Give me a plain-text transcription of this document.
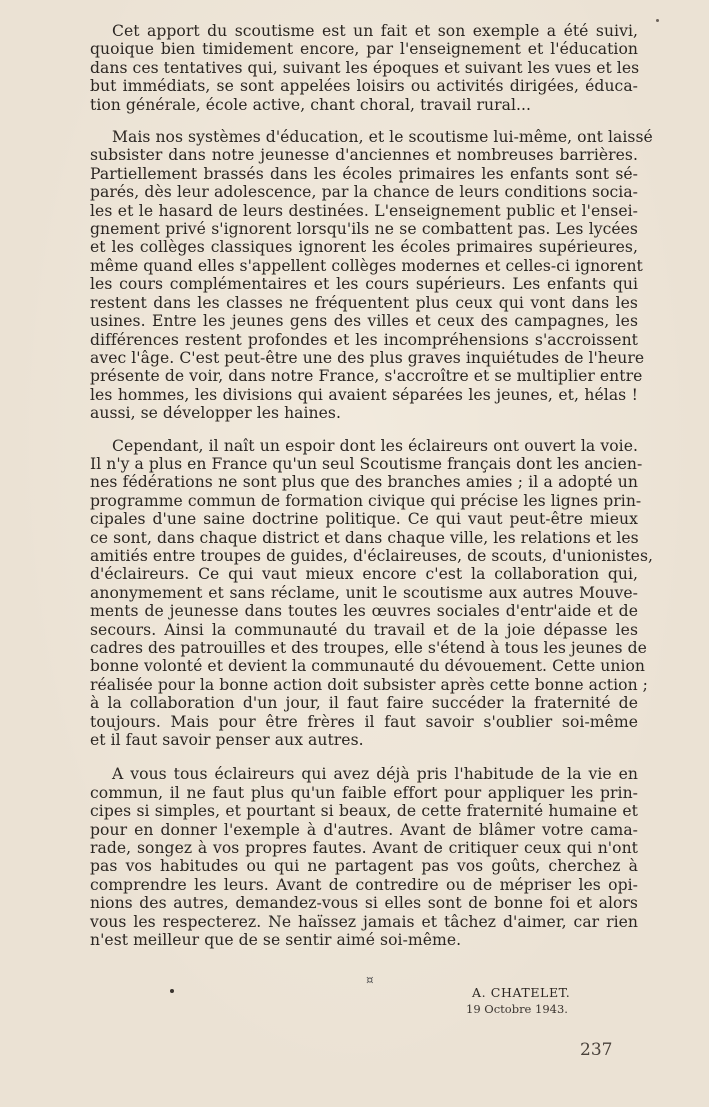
Cet apport du scoutisme est un fait et son exemple a été suivi,
quoique bien timidement encore, par l'enseignement et l'éducation
dans ces tentatives qui, suivant les époques et suivant les vues et les
but immédiats, se sont appelées loisirs ou activités dirigées, éduca-
tion générale, école active, chant choral, travail rural...

Mais nos systèmes d'éducation, et le scoutisme lui-même, ont laissé
subsister dans notre jeunesse d'anciennes et nombreuses barrières.
Partiellement brassés dans les écoles primaires les enfants sont sé-
parés, dès leur adolescence, par la chance de leurs conditions socia-
les et le hasard de leurs destinées. L'enseignement public et l'ensei-
gnement privé s'ignorent lorsqu'ils ne se combattent pas. Les lycées
et les collèges classiques ignorent les écoles primaires supérieures,
même quand elles s'appellent collèges modernes et celles-ci ignorent
les cours complémentaires et les cours supérieurs. Les enfants qui
restent dans les classes ne fréquentent plus ceux qui vont dans les
usines. Entre les jeunes gens des villes et ceux des campagnes, les
différences restent profondes et les incompréhensions s'accroissent
avec l'âge. C'est peut-être une des plus graves inquiétudes de l'heure
présente de voir, dans notre France, s'accroître et se multiplier entre
les hommes, les divisions qui avaient séparées les jeunes, et, hélas !
aussi, se développer les haines.

Cependant, il naît un espoir dont les éclaireurs ont ouvert la voie.
Il n'y a plus en France qu'un seul Scoutisme français dont les ancien-
nes fédérations ne sont plus que des branches amies ; il a adopté un
programme commun de formation civique qui précise les lignes prin-
cipales d'une saine doctrine politique. Ce qui vaut peut-être mieux
ce sont, dans chaque district et dans chaque ville, les relations et les
amitiés entre troupes de guides, d'éclaireuses, de scouts, d'unionistes,
d'éclaireurs. Ce qui vaut mieux encore c'est la collaboration qui,
anonymement et sans réclame, unit le scoutisme aux autres Mouve-
ments de jeunesse dans toutes les œuvres sociales d'entr'aide et de
secours. Ainsi la communauté du travail et de la joie dépasse les
cadres des patrouilles et des troupes, elle s'étend à tous les jeunes de
bonne volonté et devient la communauté du dévouement. Cette union
réalisée pour la bonne action doit subsister après cette bonne action ;
à la collaboration d'un jour, il faut faire succéder la fraternité de
toujours. Mais pour être frères il faut savoir s'oublier soi-même
et il faut savoir penser aux autres.

A vous tous éclaireurs qui avez déjà pris l'habitude de la vie en
commun, il ne faut plus qu'un faible effort pour appliquer les prin-
cipes si simples, et pourtant si beaux, de cette fraternité humaine et
pour en donner l'exemple à d'autres. Avant de blâmer votre cama-
rade, songez à vos propres fautes. Avant de critiquer ceux qui n'ont
pas vos habitudes ou qui ne partagent pas vos goûts, cherchez à
comprendre les leurs. Avant de contredire ou de mépriser les opi-
nions des autres, demandez-vous si elles sont de bonne foi et alors
vous les respecterez. Ne haïssez jamais et tâchez d'aimer, car rien
n'est meilleur que de se sentir aimé soi-même.

¤
A. CHATELET.
19 Octobre 1943.
237
